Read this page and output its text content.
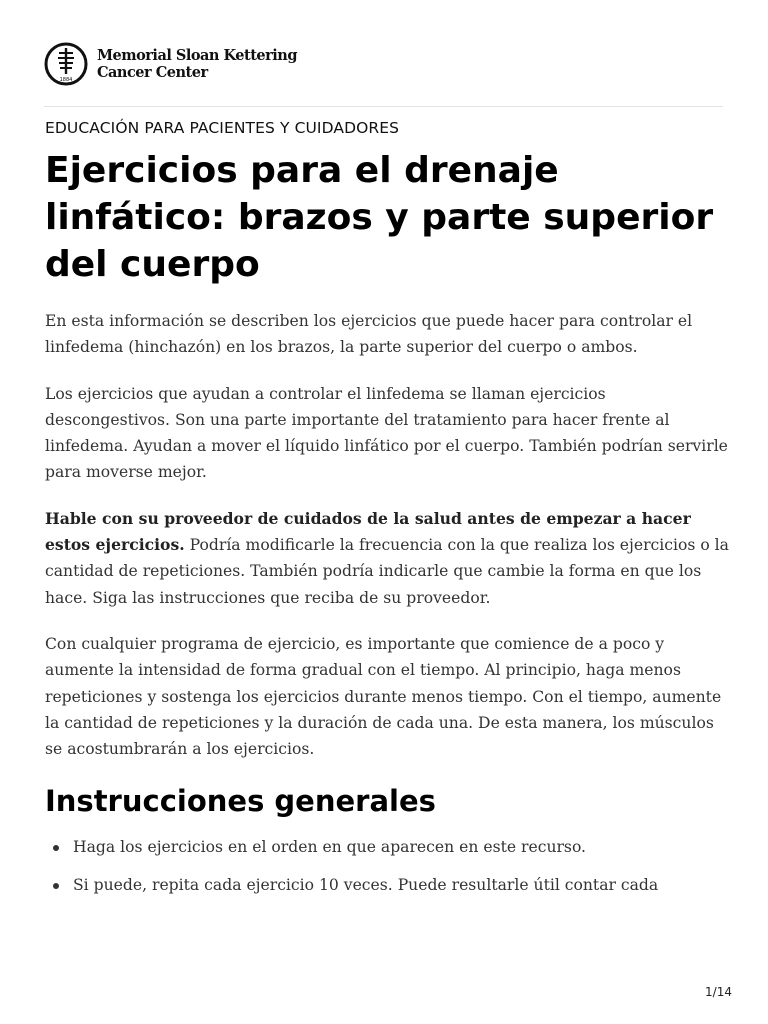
1884
Memorial Sloan Kettering
Cancer Center
EDUCACIÓN PARA PACIENTES Y CUIDADORES
Ejercicios para el drenaje linfático: brazos y parte superior del cuerpo

En esta información se describen los ejercicios que puede hacer para controlar el linfedema (hinchazón) en los brazos, la parte superior del cuerpo o ambos.

Los ejercicios que ayudan a controlar el linfedema se llaman ejercicios descongestivos. Son una parte importante del tratamiento para hacer frente al linfedema. Ayudan a mover el líquido linfático por el cuerpo. También podrían servirle para moverse mejor.

Hable con su proveedor de cuidados de la salud antes de empezar a hacer estos ejercicios. Podría modificarle la frecuencia con la que realiza los ejercicios o la cantidad de repeticiones. También podría indicarle que cambie la forma en que los hace. Siga las instrucciones que reciba de su proveedor.

Con cualquier programa de ejercicio, es importante que comience de a poco y aumente la intensidad de forma gradual con el tiempo. Al principio, haga menos repeticiones y sostenga los ejercicios durante menos tiempo. Con el tiempo, aumente la cantidad de repeticiones y la duración de cada una. De esta manera, los músculos se acostumbrarán a los ejercicios.

Instrucciones generales
Haga los ejercicios en el orden en que aparecen en este recurso.
Si puede, repita cada ejercicio 10 veces. Puede resultarle útil contar cada
1/14
